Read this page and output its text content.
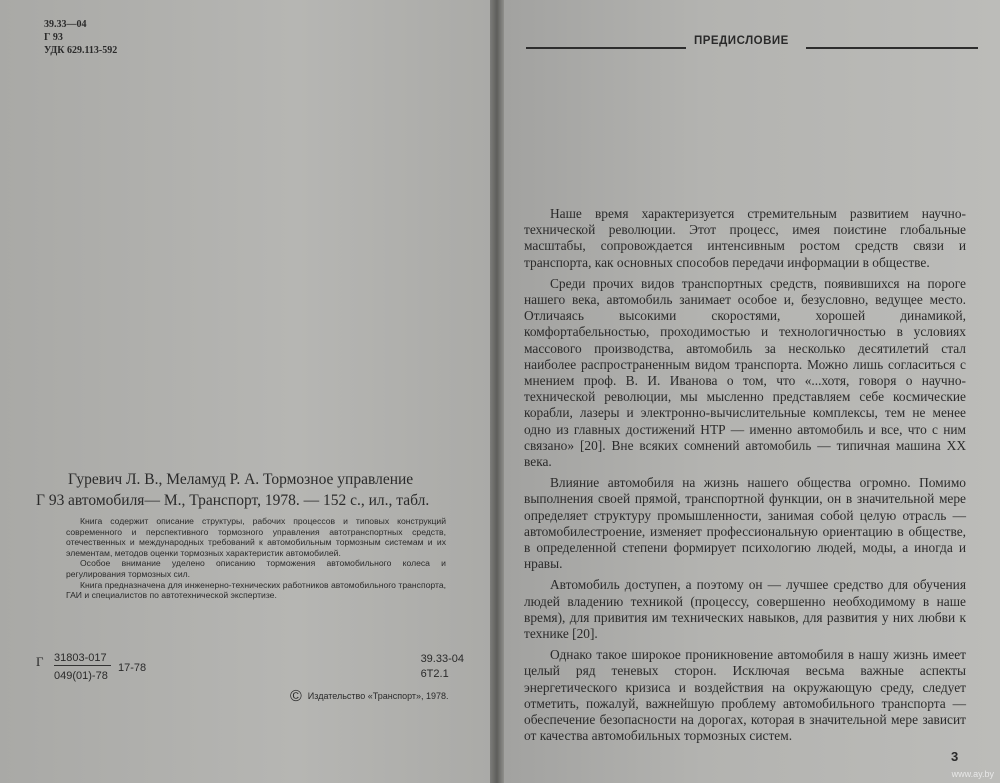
39.33—04
Г 93
УДК 629.113-592
Гуревич Л. В., Меламуд Р. А. Тормозное управление
Г 93 автомобиля— М., Транспорт, 1978. — 152 с., ил., табл.

Книга содержит описание структуры, рабочих процессов и типовых конструкций современного и перспективного тормозного управления автотранспортных средств, отечественных и международных требований к автомобильным тормозным системам и их элементам, методов оценки тормозных характеристик автомобилей.

Особое внимание уделено описанию торможения автомобильного колеса и регулирования тормозных сил.

Книга предназначена для инженерно-технических работников автомобильного транспорта, ГАИ и специалистов по автотехнической экспертизе.

Г $\frac{31803-017}{049(01)-78} 17-78$
39.33-04
6Т2.1
© Издательство «Транспорт», 1978.
ПРЕДИСЛОВИЕ

Наше время характеризуется стремительным развитием научно-технической революции. Этот процесс, имея поистине глобальные масштабы, сопровождается интенсивным ростом средств связи и транспорта, как основных способов передачи информации в обществе.

Среди прочих видов транспортных средств, появившихся на пороге нашего века, автомобиль занимает особое и, безусловно, ведущее место. Отличаясь высокими скоростями, хорошей динамикой, комфортабельностью, проходимостью и технологичностью в условиях массового производства, автомобиль за несколько десятилетий стал наиболее распространенным видом транспорта. Можно лишь согласиться с мнением проф. В. И. Иванова о том, что «...хотя, говоря о научно-технической революции, мы мысленно представляем себе космические корабли, лазеры и электронно-вычислительные комплексы, тем не менее одно из главных достижений НТР — именно автомобиль и все, что с ним связано» [20]. Вне всяких сомнений автомобиль — типичная машина XX века.

Влияние автомобиля на жизнь нашего общества огромно. Помимо выполнения своей прямой, транспортной функции, он в значительной мере определяет структуру промышленности, занимая собой целую отрасль — автомобилестроение, изменяет профессиональную ориентацию в обществе, в определенной степени формирует психологию людей, моды, а иногда и нравы.

Автомобиль доступен, а поэтому он — лучшее средство для обучения людей владению техникой (процессу, совершенно необходимому в наше время), для привития им технических навыков, для развития у них любви к технике [20].

Однако такое широкое проникновение автомобиля в нашу жизнь имеет целый ряд теневых сторон. Исключая весьма важные аспекты энергетического кризиса и воздействия на окружающую среду, следует отметить, пожалуй, важнейшую проблему автомобильного транспорта — обеспечение безопасности на дорогах, которая в значительной мере зависит от качества автомобильных тормозных систем.

3
www.ay.by
